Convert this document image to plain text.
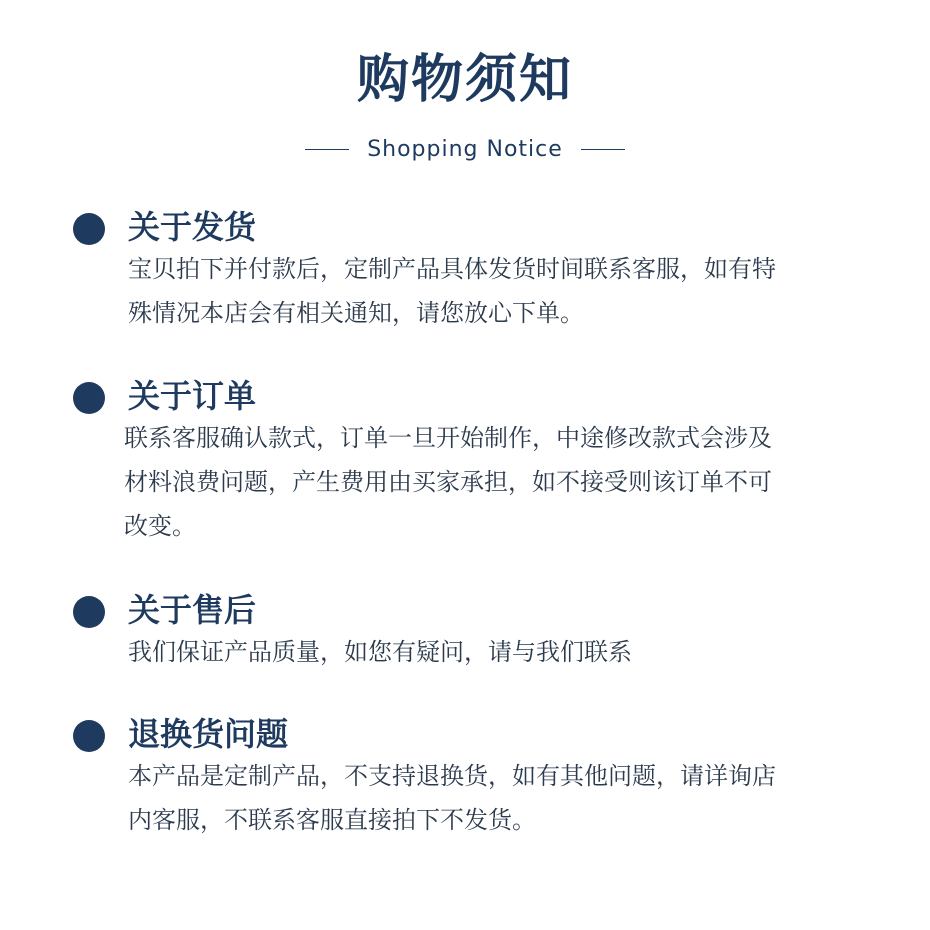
购物须知
Shopping Notice
关于发货
宝贝拍下并付款后，定制产品具体发货时间联系客服，如有特
殊情况本店会有相关通知，请您放心下单。
关于订单
联系客服确认款式，订单一旦开始制作，中途修改款式会涉及
材料浪费问题，产生费用由买家承担，如不接受则该订单不可
改变。
关于售后
我们保证产品质量，如您有疑问，请与我们联系
退换货问题
本产品是定制产品，不支持退换货，如有其他问题，请详询店
内客服，不联系客服直接拍下不发货。
